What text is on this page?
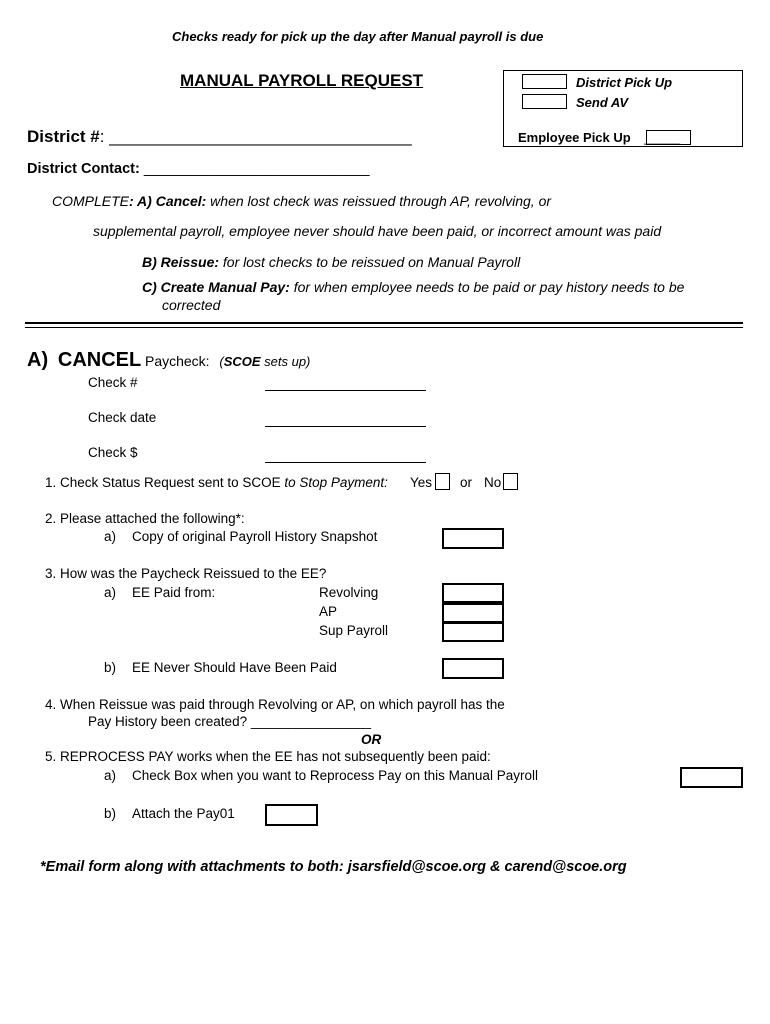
Checks ready for pick up the day after Manual payroll is due
MANUAL PAYROLL REQUEST	District Pick Up
Send AV
Employee Pick Up _____
District #: ________________________________
District Contact: ____________________________
COMPLETE: A) Cancel: when lost check was reissued through AP, revolving, or
supplemental payroll, employee never should have been paid, or incorrect amount was paid
B) Reissue: for lost checks to be reissued on Manual Payroll
C) Create Manual Pay: for when employee needs to be paid or pay history needs to be
corrected
A) CANCEL Paycheck: (SCOE sets up)
Check #
Check date
Check $
1. Check Status Request sent to SCOE to Stop Payment: Yes or No
2. Please attached the following*:
a) Copy of original Payroll History Snapshot
3. How was the Paycheck Reissued to the EE?
a) EE Paid from:	Revolving
AP
Sup Payroll
b) EE Never Should Have Been Paid
4. When Reissue was paid through Revolving or AP, on which payroll has the
Pay History been created? ________________
OR
5. REPROCESS PAY works when the EE has not subsequently been paid:
a) Check Box when you want to Reprocess Pay on this Manual Payroll
b) Attach the Pay01
*Email form along with attachments to both: jsarsfield@scoe.org & carend@scoe.org
